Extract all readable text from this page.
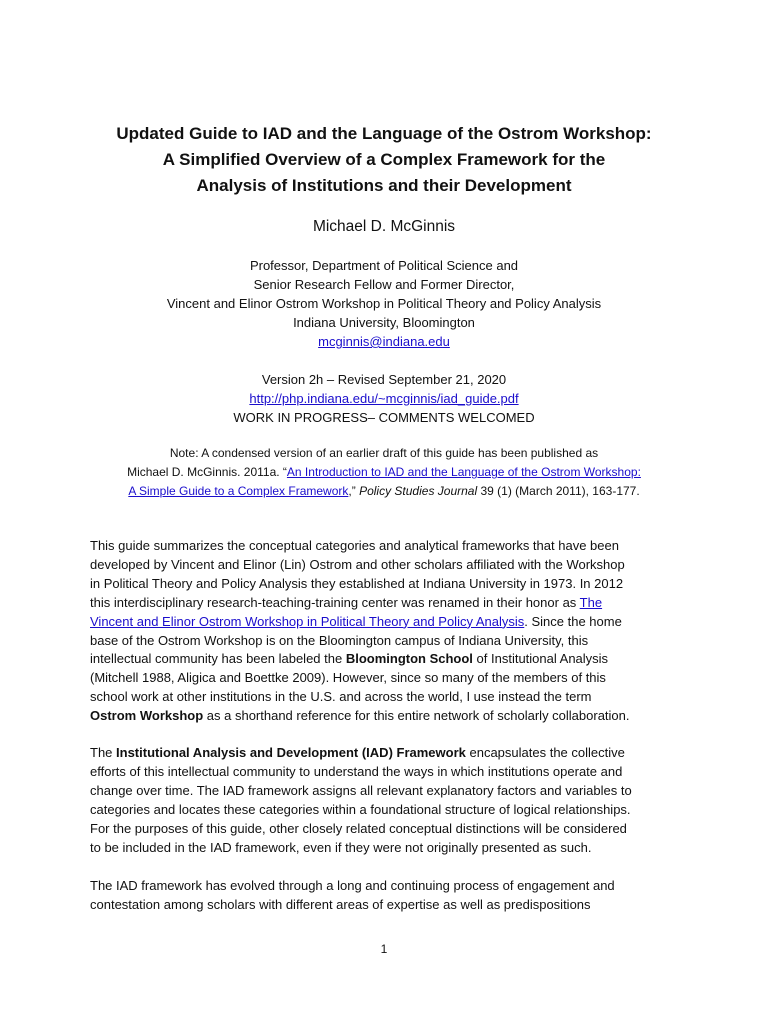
Updated Guide to IAD and the Language of the Ostrom Workshop:
A Simplified Overview of a Complex Framework for the
Analysis of Institutions and their Development
Michael D. McGinnis
Professor, Department of Political Science and
Senior Research Fellow and Former Director,
Vincent and Elinor Ostrom Workshop in Political Theory and Policy Analysis
Indiana University, Bloomington
mcginnis@indiana.edu
Version 2h – Revised September 21, 2020
http://php.indiana.edu/~mcginnis/iad_guide.pdf
WORK IN PROGRESS– COMMENTS WELCOMED
Note: A condensed version of an earlier draft of this guide has been published as
Michael D. McGinnis. 2011a. “An Introduction to IAD and the Language of the Ostrom Workshop:
A Simple Guide to a Complex Framework,” Policy Studies Journal 39 (1) (March 2011), 163-177.
This guide summarizes the conceptual categories and analytical frameworks that have been
developed by Vincent and Elinor (Lin) Ostrom and other scholars affiliated with the Workshop
in Political Theory and Policy Analysis they established at Indiana University in 1973. In 2012
this interdisciplinary research-teaching-training center was renamed in their honor as The
Vincent and Elinor Ostrom Workshop in Political Theory and Policy Analysis. Since the home
base of the Ostrom Workshop is on the Bloomington campus of Indiana University, this
intellectual community has been labeled the Bloomington School of Institutional Analysis
(Mitchell 1988, Aligica and Boettke 2009). However, since so many of the members of this
school work at other institutions in the U.S. and across the world, I use instead the term
Ostrom Workshop as a shorthand reference for this entire network of scholarly collaboration.
The Institutional Analysis and Development (IAD) Framework encapsulates the collective
efforts of this intellectual community to understand the ways in which institutions operate and
change over time. The IAD framework assigns all relevant explanatory factors and variables to
categories and locates these categories within a foundational structure of logical relationships.
For the purposes of this guide, other closely related conceptual distinctions will be considered
to be included in the IAD framework, even if they were not originally presented as such.
The IAD framework has evolved through a long and continuing process of engagement and
contestation among scholars with different areas of expertise as well as predispositions
1
